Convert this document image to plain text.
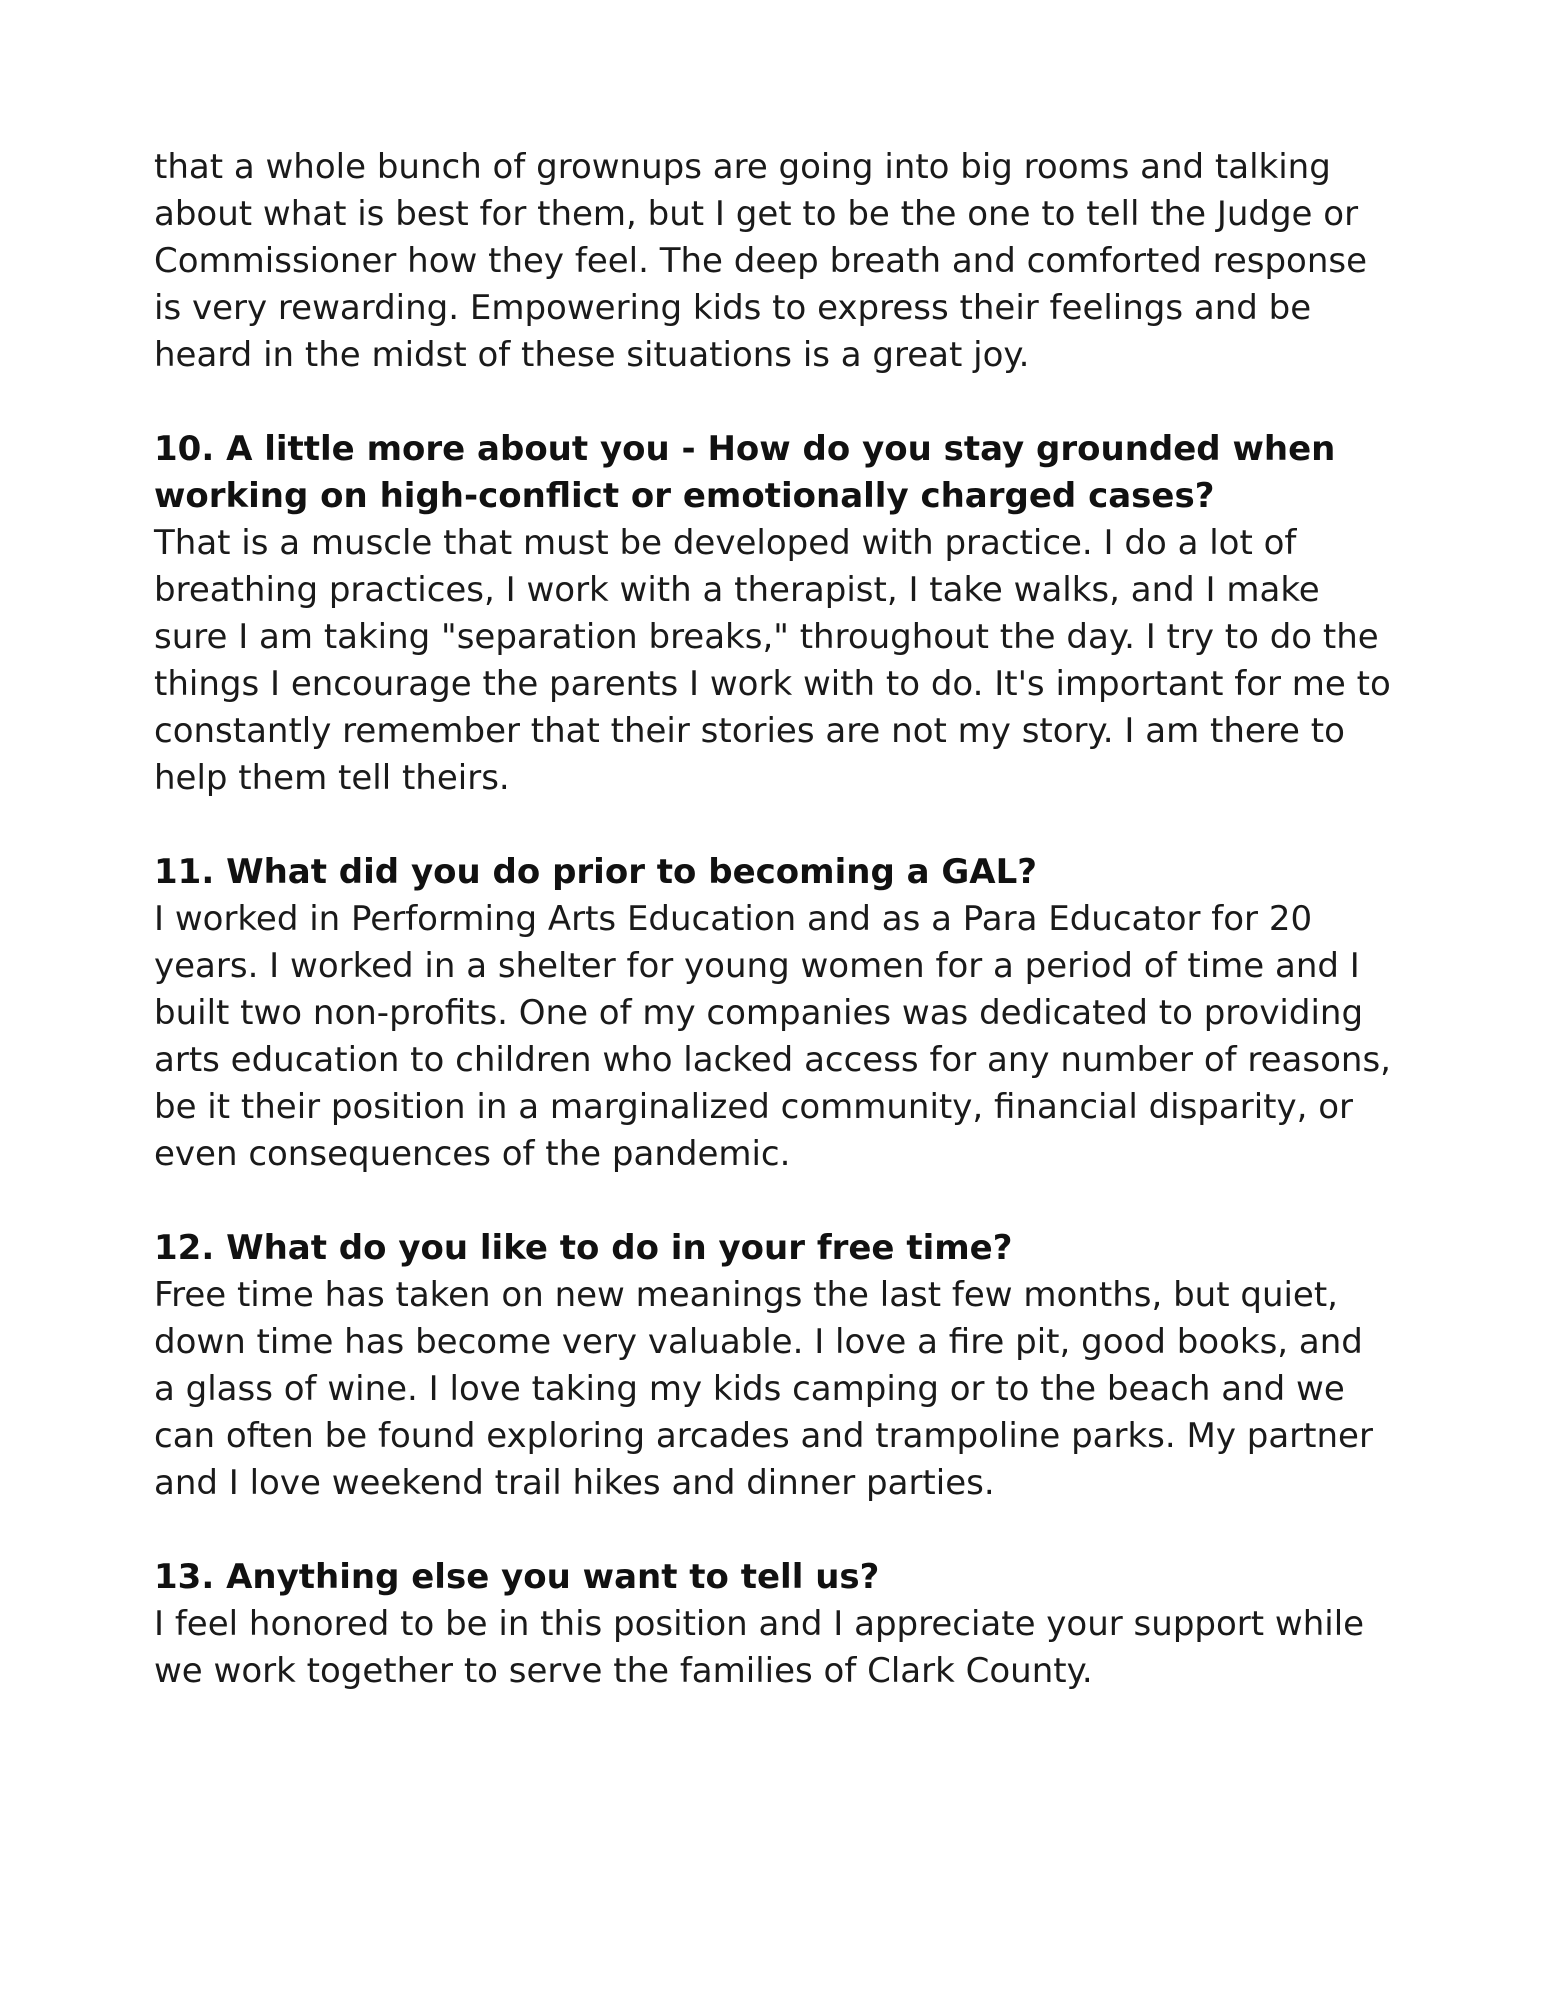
that a whole bunch of grownups are going into big rooms and talking about what is best for them, but I get to be the one to tell the Judge or Commissioner how they feel. The deep breath and comforted response is very rewarding. Empowering kids to express their feelings and be heard in the midst of these situations is a great joy.

10. A little more about you - How do you stay grounded when working on high-conflict or emotionally charged cases?

That is a muscle that must be developed with practice. I do a lot of breathing practices, I work with a therapist, I take walks, and I make sure I am taking "separation breaks," throughout the day. I try to do the things I encourage the parents I work with to do. It's important for me to constantly remember that their stories are not my story. I am there to help them tell theirs.

11. What did you do prior to becoming a GAL?

I worked in Performing Arts Education and as a Para Educator for 20 years. I worked in a shelter for young women for a period of time and I built two non-profits. One of my companies was dedicated to providing arts education to children who lacked access for any number of reasons, be it their position in a marginalized community, financial disparity, or even consequences of the pandemic.

12. What do you like to do in your free time?

Free time has taken on new meanings the last few months, but quiet, down time has become very valuable. I love a fire pit, good books, and a glass of wine. I love taking my kids camping or to the beach and we can often be found exploring arcades and trampoline parks. My partner and I love weekend trail hikes and dinner parties.

13. Anything else you want to tell us?

I feel honored to be in this position and I appreciate your support while we work together to serve the families of Clark County.
